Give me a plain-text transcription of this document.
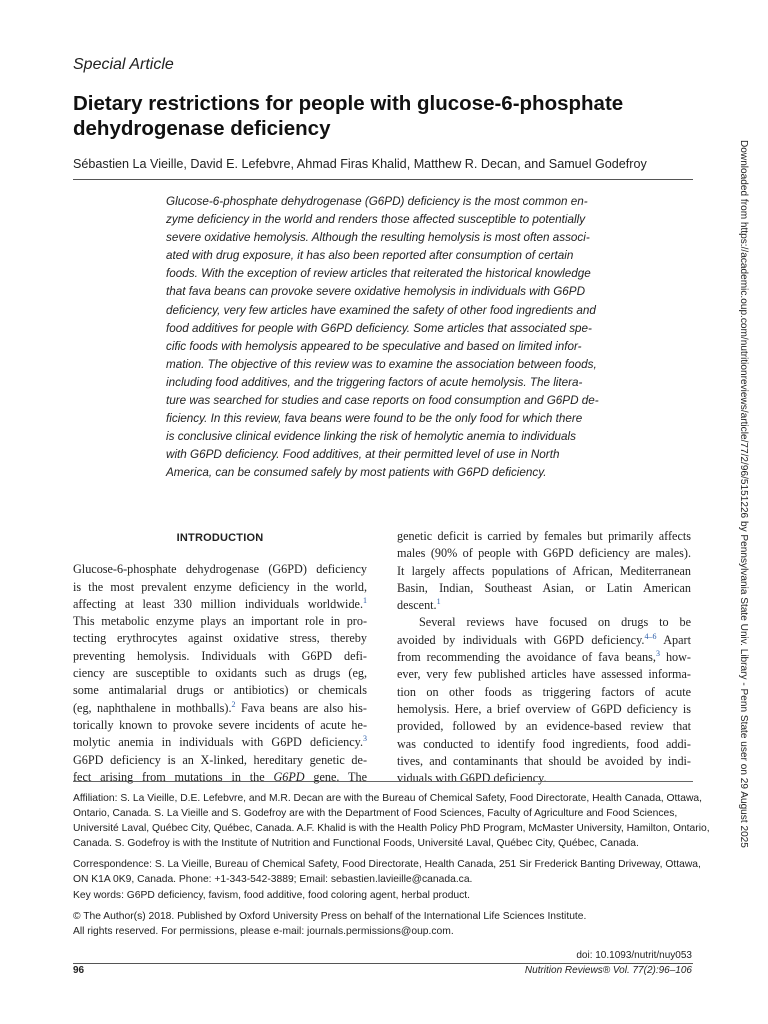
Special Article
Dietary restrictions for people with glucose-6-phosphate
dehydrogenase deficiency
Sébastien La Vieille, David E. Lefebvre, Ahmad Firas Khalid, Matthew R. Decan, and Samuel Godefroy
Glucose-6-phosphate dehydrogenase (G6PD) deficiency is the most common en-
zyme deficiency in the world and renders those affected susceptible to potentially
severe oxidative hemolysis. Although the resulting hemolysis is most often associ-
ated with drug exposure, it has also been reported after consumption of certain
foods. With the exception of review articles that reiterated the historical knowledge
that fava beans can provoke severe oxidative hemolysis in individuals with G6PD
deficiency, very few articles have examined the safety of other food ingredients and
food additives for people with G6PD deficiency. Some articles that associated spe-
cific foods with hemolysis appeared to be speculative and based on limited infor-
mation. The objective of this review was to examine the association between foods,
including food additives, and the triggering factors of acute hemolysis. The litera-
ture was searched for studies and case reports on food consumption and G6PD de-
ficiency. In this review, fava beans were found to be the only food for which there
is conclusive clinical evidence linking the risk of hemolytic anemia to individuals
with G6PD deficiency. Food additives, at their permitted level of use in North
America, can be consumed safely by most patients with G6PD deficiency.
INTRODUCTION
Glucose-6-phosphate dehydrogenase (G6PD) deficiency
is the most prevalent enzyme deficiency in the world,
affecting at least 330 million individuals worldwide.$^1$
This metabolic enzyme plays an important role in pro-
tecting erythrocytes against oxidative stress, thereby
preventing hemolysis. Individuals with G6PD defi-
ciency are susceptible to oxidants such as drugs (eg,
some antimalarial drugs or antibiotics) or chemicals
(eg, naphthalene in mothballs).$^2$ Fava beans are also his-
torically known to provoke severe incidents of acute he-
molytic anemia in individuals with G6PD deficiency.$^3$
G6PD deficiency is an X-linked, hereditary genetic de-
fect arising from mutations in the G6PD gene. The
genetic deficit is carried by females but primarily affects
males (90% of people with G6PD deficiency are males).
It largely affects populations of African, Mediterranean
Basin, Indian, Southeast Asian, or Latin American
descent.$^1$
Several reviews have focused on drugs to be
avoided by individuals with G6PD deficiency.$^{4-6}$ Apart
from recommending the avoidance of fava beans,$^3$ how-
ever, very few published articles have assessed informa-
tion on other foods as triggering factors of acute
hemolysis. Here, a brief overview of G6PD deficiency is
provided, followed by an evidence-based review that
was conducted to identify food ingredients, food addi-
tives, and contaminants that should be avoided by indi-
viduals with G6PD deficiency.
Affiliation: S. La Vieille, D.E. Lefebvre, and M.R. Decan are with the Bureau of Chemical Safety, Food Directorate, Health Canada, Ottawa,
Ontario, Canada. S. La Vieille and S. Godefroy are with the Department of Food Sciences, Faculty of Agriculture and Food Sciences,
Université Laval, Québec City, Québec, Canada. A.F. Khalid is with the Health Policy PhD Program, McMaster University, Hamilton, Ontario,
Canada. S. Godefroy is with the Institute of Nutrition and Functional Foods, Université Laval, Québec City, Québec, Canada.
Correspondence: S. La Vieille, Bureau of Chemical Safety, Food Directorate, Health Canada, 251 Sir Frederick Banting Driveway, Ottawa,
ON K1A 0K9, Canada. Phone: +1-343-542-3889; Email: sebastien.lavieille@canada.ca.
Key words: G6PD deficiency, favism, food additive, food coloring agent, herbal product.
© The Author(s) 2018. Published by Oxford University Press on behalf of the International Life Sciences Institute.
All rights reserved. For permissions, please e-mail: journals.permissions@oup.com.
doi: 10.1093/nutrit/nuy053
96	Nutrition Reviews® Vol. 77(2):96–106
Downloaded from https://academic.oup.com/nutritionreviews/article/77/2/96/5151226 by Pennsylvania State Univ. Library - Penn State user on 29 August 2025
